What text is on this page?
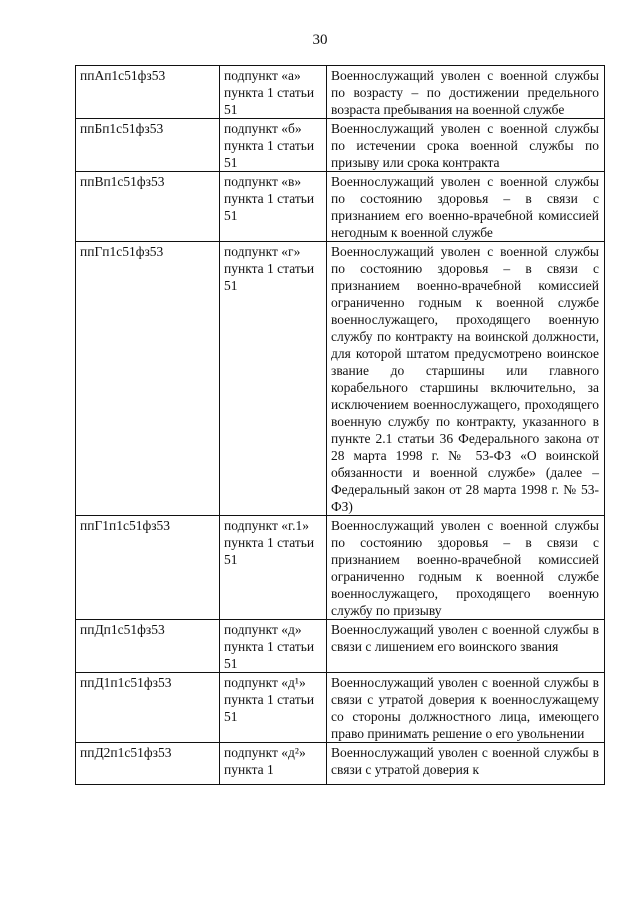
30
ппАп1с51фз53	подпункт «а» пункта 1 статьи 51	Военнослужащий уволен с военной службы по возрасту – по достижении предельного возраста пребывания на военной службе
ппБп1с51фз53	подпункт «б» пункта 1 статьи 51	Военнослужащий уволен с военной службы по истечении срока военной службы по призыву или срока контракта
ппВп1с51фз53	подпункт «в» пункта 1 статьи 51	Военнослужащий уволен с военной службы по состоянию здоровья – в связи с признанием его военно-врачебной комиссией негодным к военной службе
ппГп1с51фз53	подпункт «г» пункта 1 статьи 51	Военнослужащий уволен с военной службы по состоянию здоровья – в связи с признанием военно-врачебной комиссией ограниченно годным к военной службе военнослужащего, проходящего военную службу по контракту на воинской должности, для которой штатом предусмотрено воинское звание до старшины или главного корабельного старшины включительно, за исключением военнослужащего, проходящего военную службу по контракту, указанного в пункте 2.1 статьи 36 Федерального закона от 28 марта 1998 г. № 53-ФЗ «О воинской обязанности и военной службе» (далее – Федеральный закон от 28 марта 1998 г. № 53-ФЗ)
ппГ1п1с51фз53	подпункт «г.1» пункта 1 статьи 51	Военнослужащий уволен с военной службы по состоянию здоровья – в связи с признанием военно-врачебной комиссией ограниченно годным к военной службе военнослужащего, проходящего военную службу по призыву
ппДп1с51фз53	подпункт «д» пункта 1 статьи 51	Военнослужащий уволен с военной службы в связи с лишением его воинского звания
ппД1п1с51фз53	подпункт «д¹» пункта 1 статьи 51	Военнослужащий уволен с военной службы в связи с утратой доверия к военнослужащему со стороны должностного лица, имеющего право принимать решение о его увольнении
ппД2п1с51фз53	подпункт «д²» пункта 1	Военнослужащий уволен с военной службы в связи с утратой доверия к
